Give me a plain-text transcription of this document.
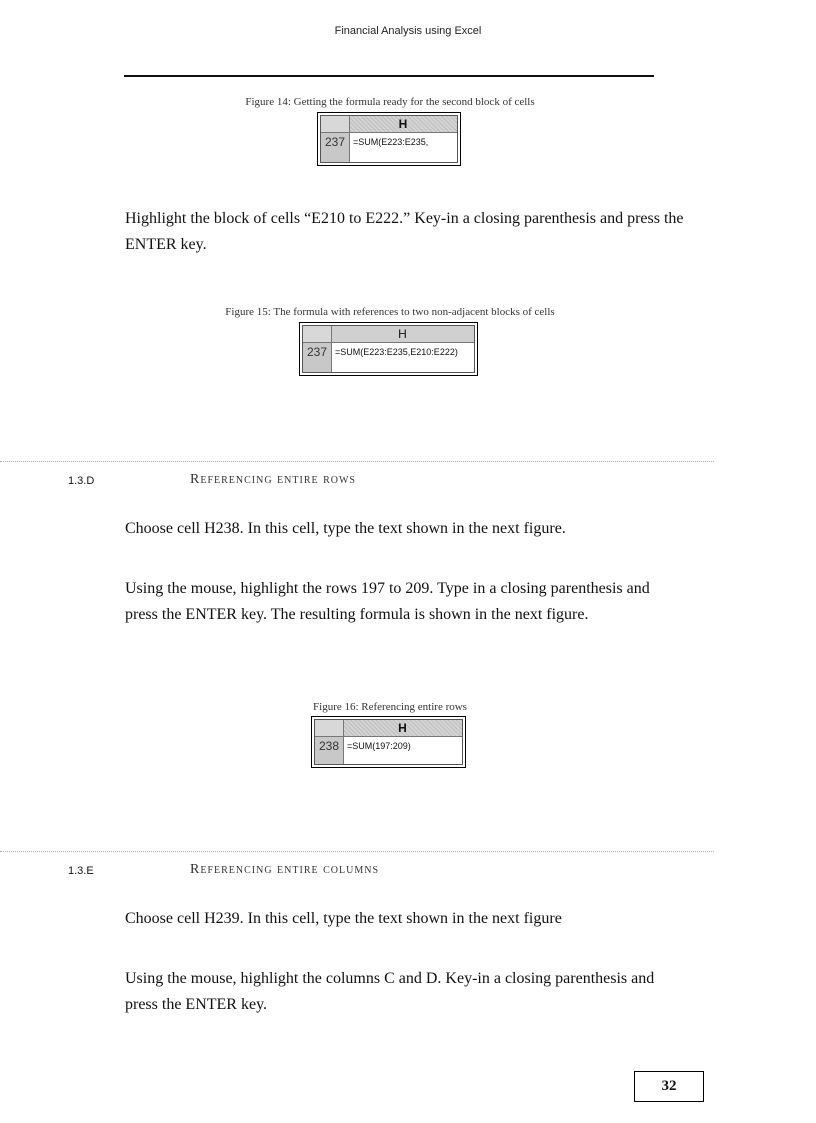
Financial Analysis using Excel
Figure 14: Getting the formula ready for the second block of cells
H
237 =SUM(E223:E235,
Highlight the block of cells “E210 to E222.” Key-in a closing parenthesis and press the ENTER key.
Figure 15: The formula with references to two non-adjacent blocks of cells
H
237 =SUM(E223:E235,E210:E222)
1.3.D	Referencing entire rows
Choose cell H238. In this cell, type the text shown in the next figure.
Using the mouse, highlight the rows 197 to 209. Type in a closing parenthesis and press the ENTER key. The resulting formula is shown in the next figure.
Figure 16: Referencing entire rows
H
238 =SUM(197:209)
1.3.E	Referencing entire columns
Choose cell H239. In this cell, type the text shown in the next figure
Using the mouse, highlight the columns C and D. Key-in a closing parenthesis and press the ENTER key.
32
